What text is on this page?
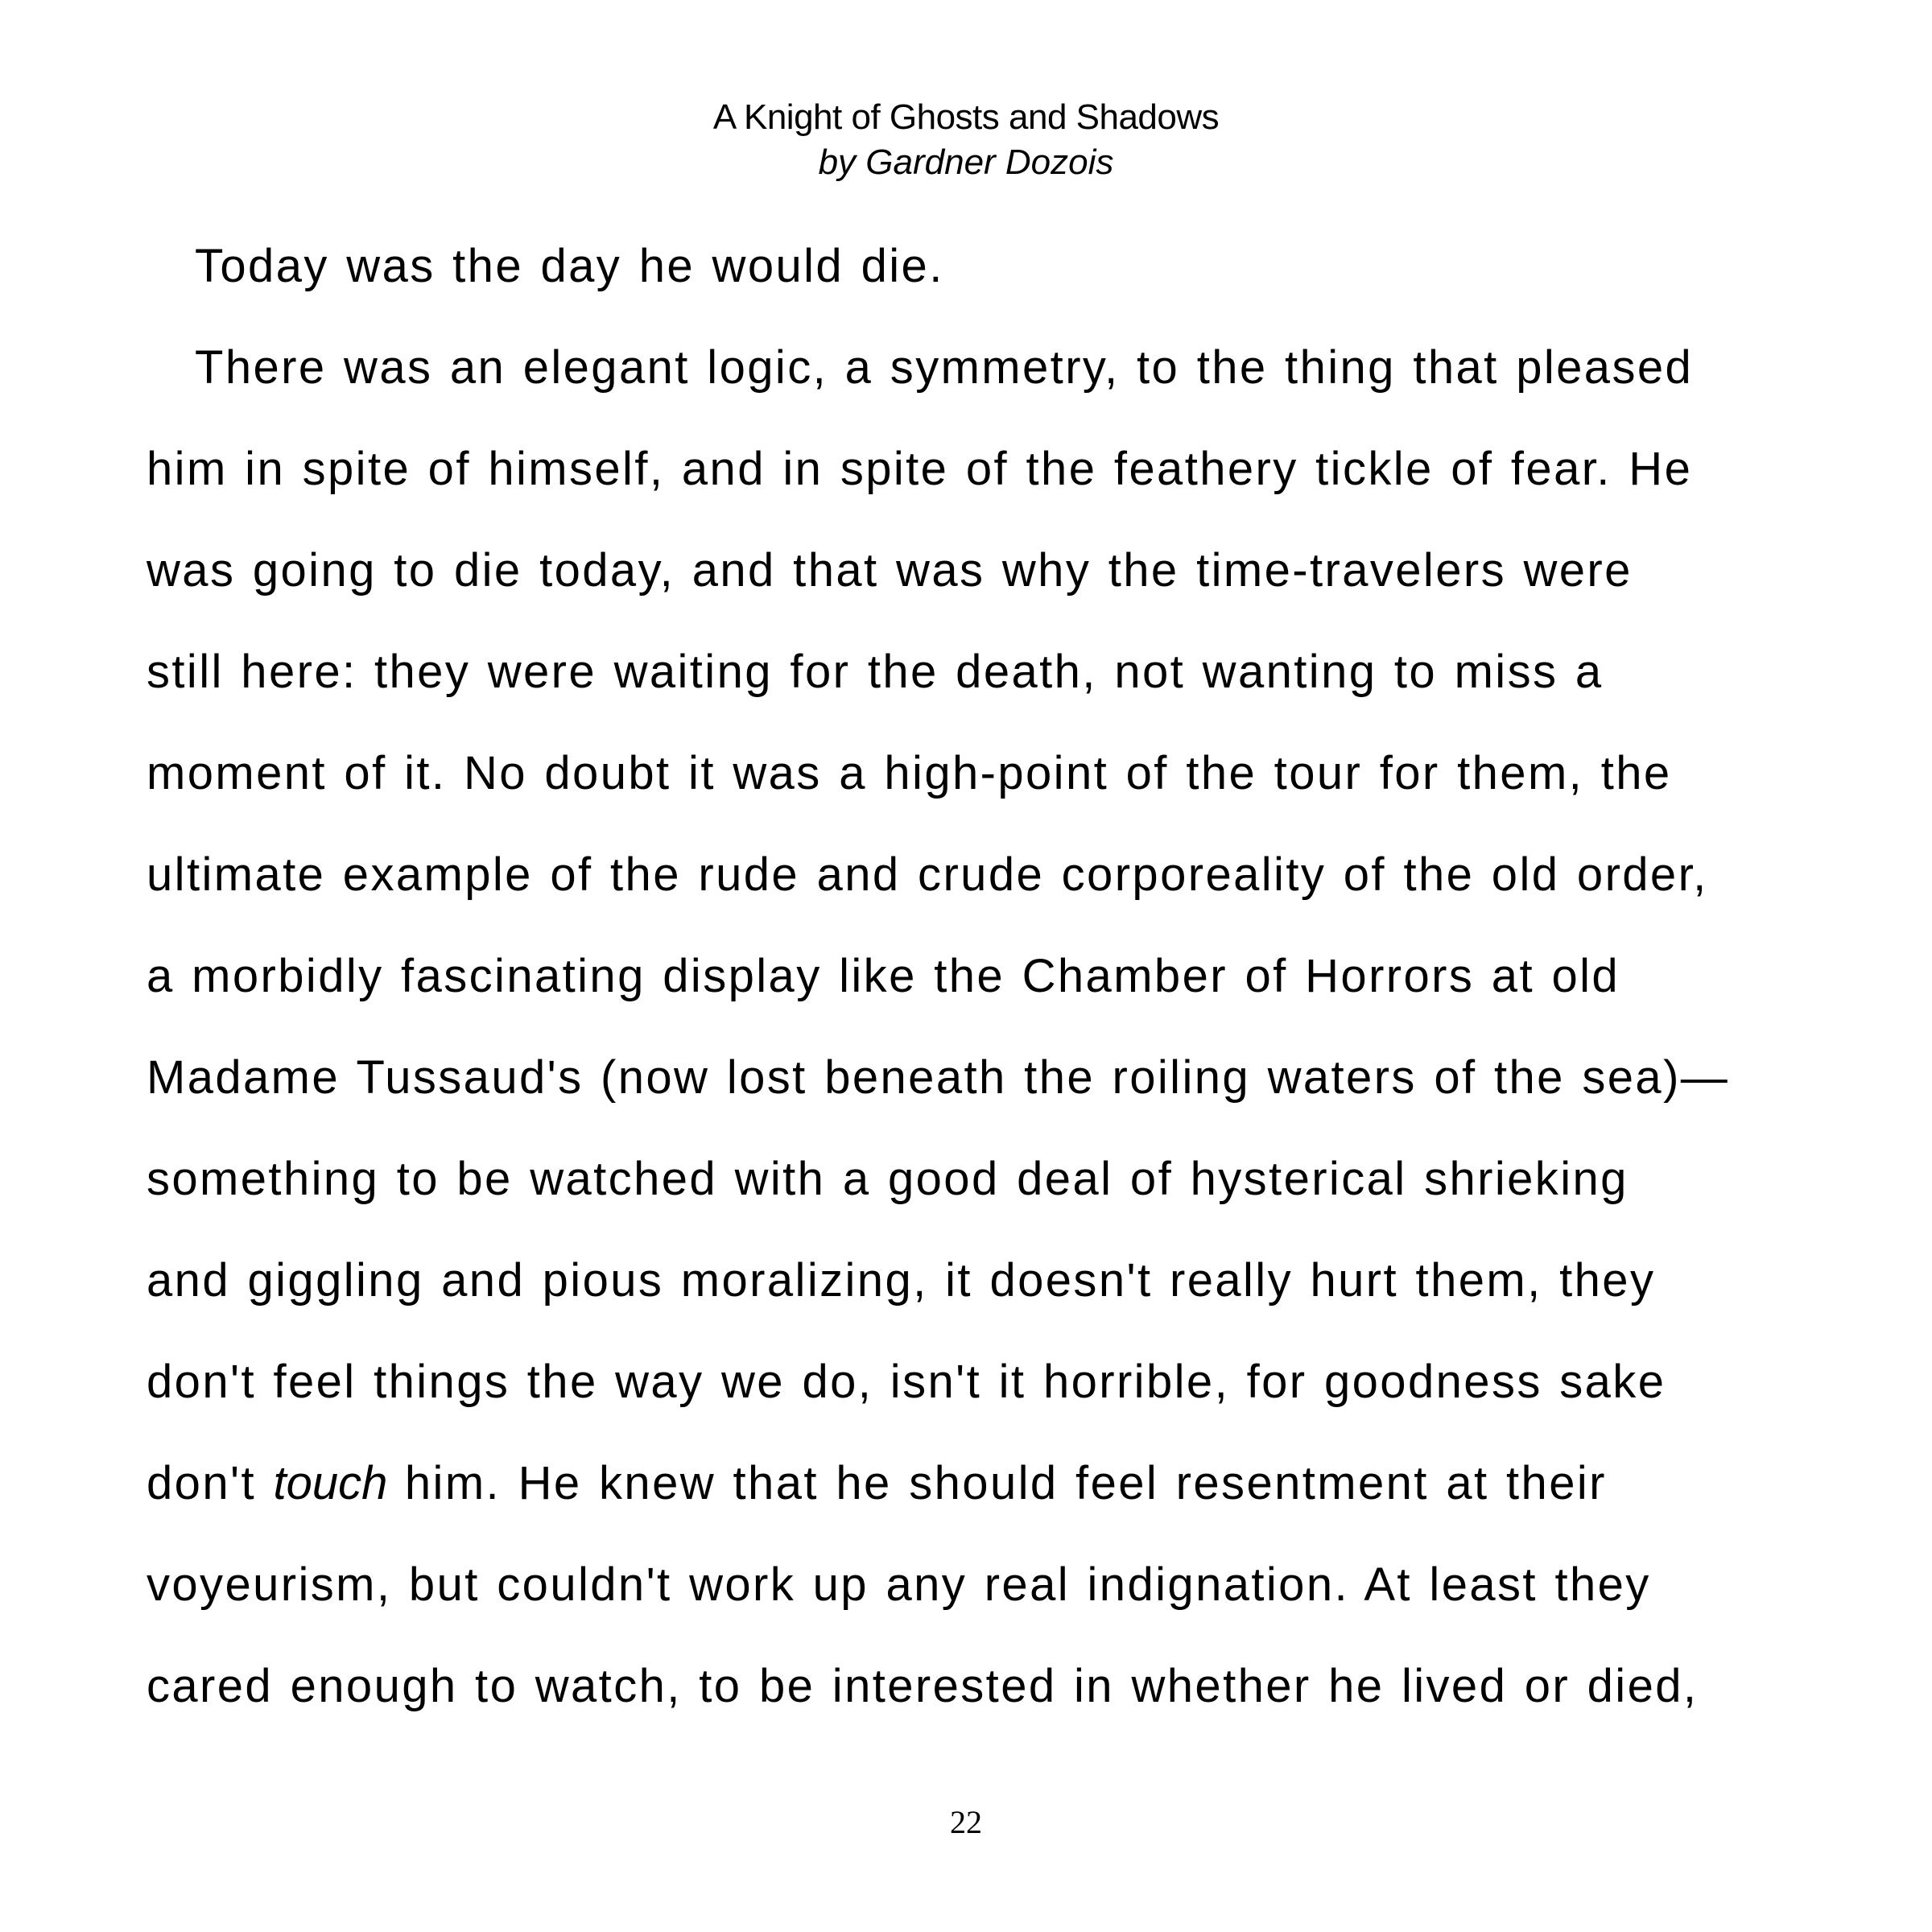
A Knight of Ghosts and Shadows
by Gardner Dozois
Today was the day he would die.
There was an elegant logic, a symmetry, to the thing that pleased
him in spite of himself, and in spite of the feathery tickle of fear. He
was going to die today, and that was why the time-travelers were
still here: they were waiting for the death, not wanting to miss a
moment of it. No doubt it was a high-point of the tour for them, the
ultimate example of the rude and crude corporeality of the old order,
a morbidly fascinating display like the Chamber of Horrors at old
Madame Tussaud's (now lost beneath the roiling waters of the sea)—
something to be watched with a good deal of hysterical shrieking
and giggling and pious moralizing, it doesn't really hurt them, they
don't feel things the way we do, isn't it horrible, for goodness sake
don't touch him. He knew that he should feel resentment at their
voyeurism, but couldn't work up any real indignation. At least they
cared enough to watch, to be interested in whether he lived or died,
22
